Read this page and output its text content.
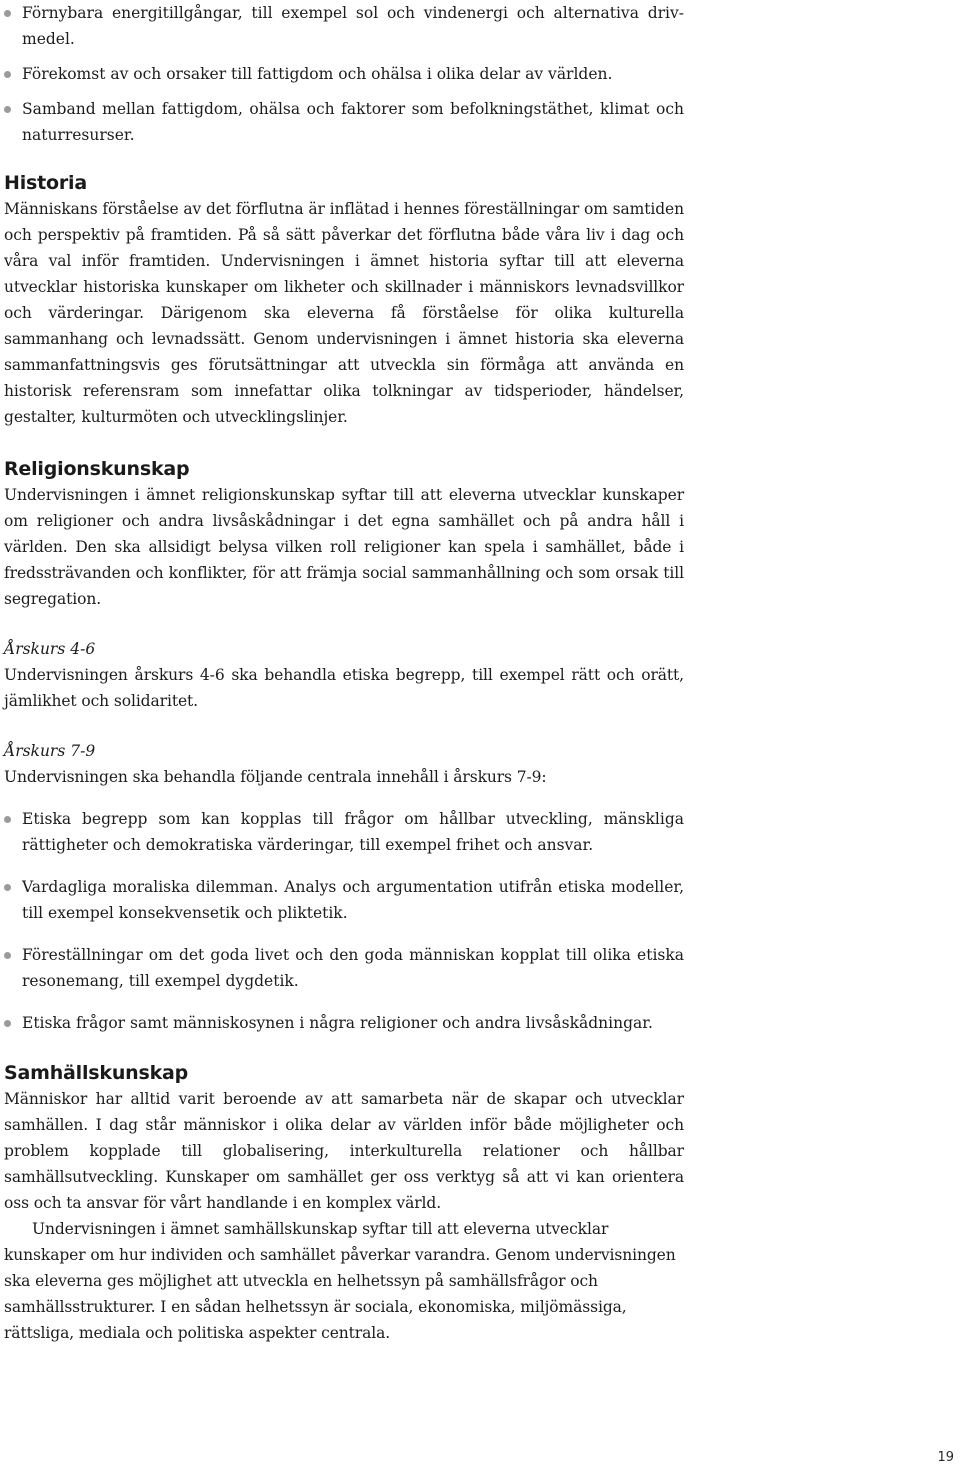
Förnybara energitillgångar, till exempel sol och vindenergi och alternativa driv- medel.

Förekomst av och orsaker till fattigdom och ohälsa i olika delar av världen.

Samband mellan fattigdom, ohälsa och faktorer som befolkningstäthet, klimat och naturresurser.

Historia

Människans förståelse av det förflutna är inflätad i hennes föreställningar om samtiden och perspektiv på framtiden. På så sätt påverkar det förflutna både våra liv i dag och våra val inför framtiden. Undervisningen i ämnet historia syftar till att eleverna utvecklar historiska kunskaper om likheter och skillnader i människors levnadsvillkor och värderingar. Därigenom ska eleverna få förståelse för olika kulturella sammanhang och levnadssätt. Genom undervisningen i ämnet historia ska eleverna sammanfattningsvis ges förutsättningar att utveckla sin förmåga att använda en historisk referensram som innefattar olika tolkningar av tidsperioder, händelser, gestalter, kulturmöten och utvecklingslinjer.

Religionskunskap

Undervisningen i ämnet religionskunskap syftar till att eleverna utvecklar kunskaper om religioner och andra livsåskådningar i det egna samhället och på andra håll i världen. Den ska allsidigt belysa vilken roll religioner kan spela i samhället, både i fredssträvanden och konflikter, för att främja social sammanhållning och som orsak till segregation.

Årskurs 4-6

Undervisningen årskurs 4-6 ska behandla etiska begrepp, till exempel rätt och orätt, jämlikhet och solidaritet.

Årskurs 7-9

Undervisningen ska behandla följande centrala innehåll i årskurs 7-9:

Etiska begrepp som kan kopplas till frågor om hållbar utveckling, mänskliga rättigheter och demokratiska värderingar, till exempel frihet och ansvar.

Vardagliga moraliska dilemman. Analys och argumentation utifrån etiska modeller, till exempel konsekvensetik och pliktetik.

Föreställningar om det goda livet och den goda människan kopplat till olika etiska resonemang, till exempel dygdetik.

Etiska frågor samt människosynen i några religioner och andra livsåskådningar.

Samhällskunskap

Människor har alltid varit beroende av att samarbeta när de skapar och utvecklar samhällen. I dag står människor i olika delar av världen inför både möjligheter och problem kopplade till globalisering, interkulturella relationer och hållbar samhällsutveckling. Kunskaper om samhället ger oss verktyg så att vi kan orientera oss och ta ansvar för vårt handlande i en komplex värld.

Undervisningen i ämnet samhällskunskap syftar till att eleverna utvecklar kunskaper om hur individen och samhället påverkar varandra. Genom undervisningen ska eleverna ges möjlighet att utveckla en helhetssyn på samhällsfrågor och samhällsstrukturer. I en sådan helhetssyn är sociala, ekonomiska, miljömässiga, rättsliga, mediala och politiska aspekter centrala.

19
